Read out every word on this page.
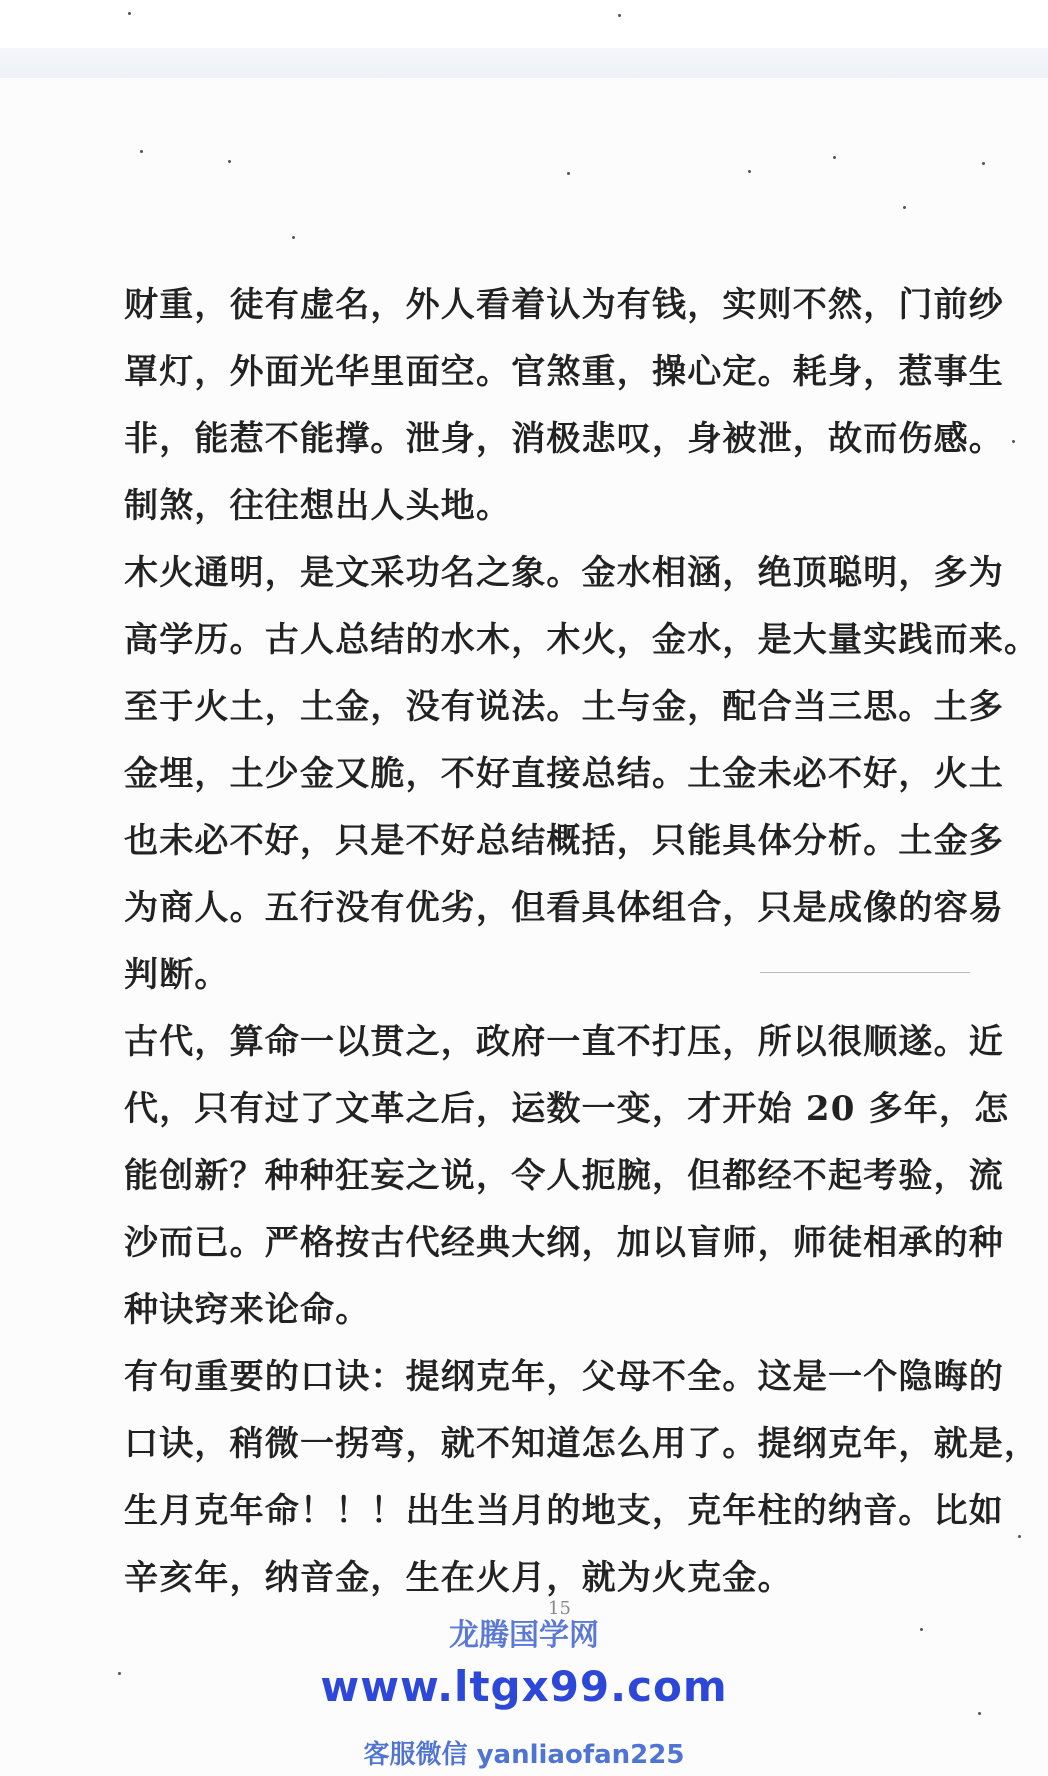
财重，徒有虚名，外人看着认为有钱，实则不然，门前纱
罩灯，外面光华里面空。官煞重，操心定。耗身，惹事生
非，能惹不能撑。泄身，消极悲叹，身被泄，故而伤感。
制煞，往往想出人头地。

木火通明，是文采功名之象。金水相涵，绝顶聪明，多为
高学历。古人总结的水木，木火，金水，是大量实践而来。
至于火土，土金，没有说法。土与金，配合当三思。土多
金埋，土少金又脆，不好直接总结。土金未必不好，火土
也未必不好，只是不好总结概括，只能具体分析。土金多
为商人。五行没有优劣，但看具体组合，只是成像的容易
判断。

古代，算命一以贯之，政府一直不打压，所以很顺遂。近
代，只有过了文革之后，运数一变，才开始 20 多年，怎
能创新？种种狂妄之说，令人扼腕，但都经不起考验，流
沙而已。严格按古代经典大纲，加以盲师，师徒相承的种
种诀窍来论命。

有句重要的口诀：提纲克年，父母不全。这是一个隐晦的
口诀，稍微一拐弯，就不知道怎么用了。提纲克年，就是，
生月克年命！！！出生当月的地支，克年柱的纳音。比如
辛亥年，纳音金，生在火月，就为火克金。

15
龙腾国学网
www.ltgx99.com
客服微信 yanliaofan225
